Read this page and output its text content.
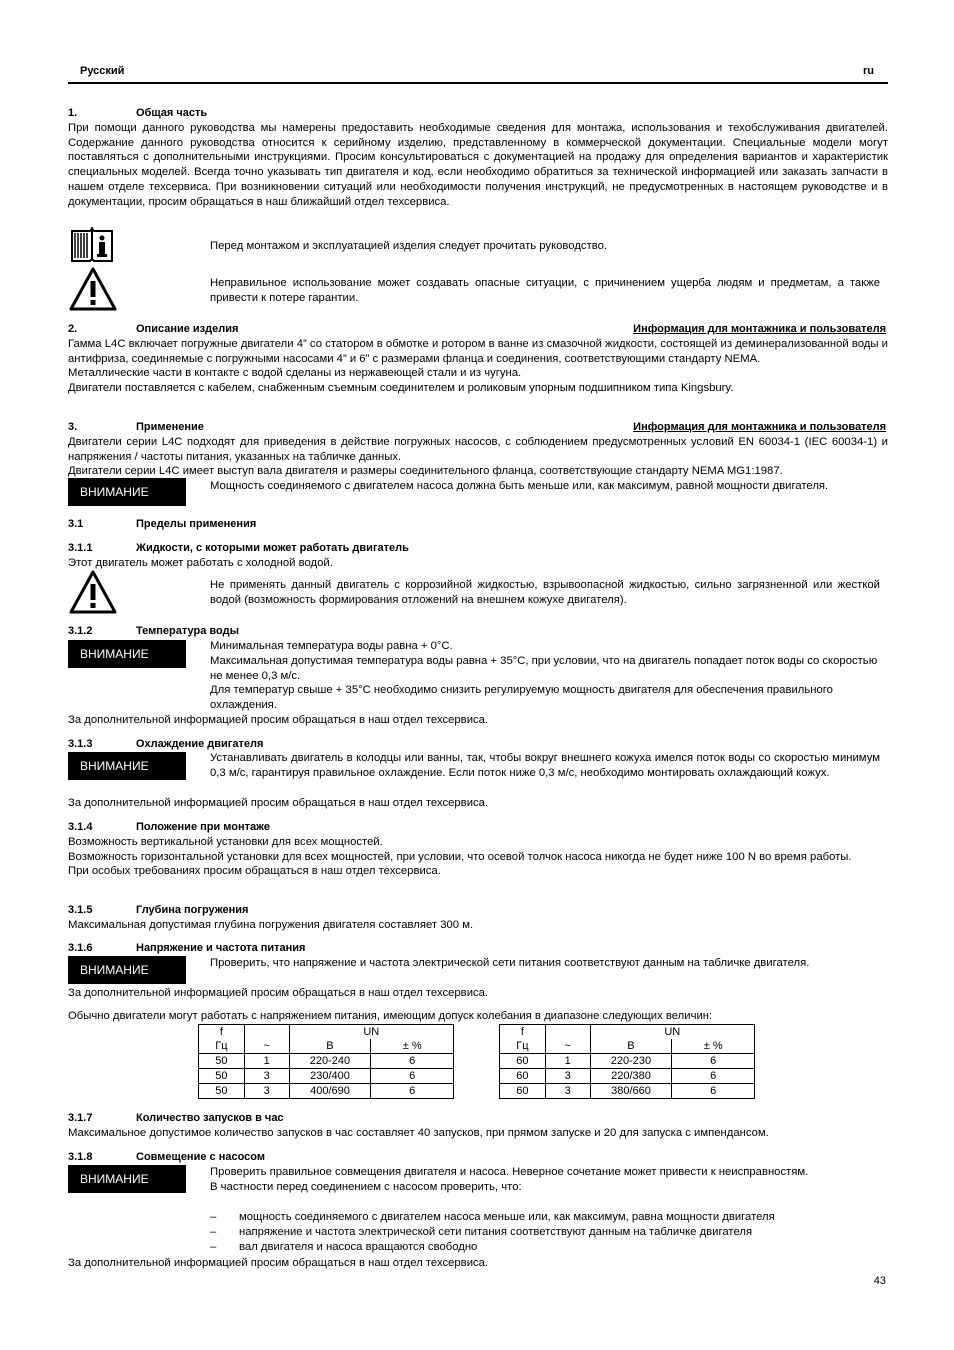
Русский	ru
1.	Общая часть
При помощи данного руководства мы намерены предоставить необходимые сведения для монтажа, использования и техобслуживания двигателей. Содержание данного руководства относится к серийному изделию, представленному в коммерческой документации. Специальные модели могут поставляться с дополнительными инструкциями. Просим консультироваться с документацией на продажу для определения вариантов и характеристик специальных моделей. Всегда точно указывать тип двигателя и код, если необходимо обратиться за технической информацией или заказать запчасти в нашем отделе техсервиса. При возникновении ситуаций или необходимости получения инструкций, не предусмотренных в настоящем руководстве и в документации, просим обращаться в наш ближайший отдел техсервиса.
Перед монтажом и эксплуатацией изделия следует прочитать руководство.
Неправильное использование может создавать опасные ситуации, с причинением ущерба людям и предметам, а также привести к потере гарантии.
2.	Описание изделия	Информация для монтажника и пользователя
Гамма L4C включает погружные двигатели 4” со статором в обмотке и ротором в ванне из смазочной жидкости, состоящей из деминерализованной воды и антифриза, соединяемые с погружными насосами 4” и 6” с размерами фланца и соединения, соответствующими стандарту NEMA.
Металлические части в контакте с водой сделаны из нержавеющей стали и из чугуна.
Двигатели поставляется с кабелем, снабженным съемным соединителем и роликовым упорным подшипником типа Kingsbury.
3.	Применение	Информация для монтажника и пользователя
Двигатели серии L4C подходят для приведения в действие погружных насосов, с соблюдением предусмотренных условий EN 60034-1 (IEC 60034-1) и напряжения / частоты питания, указанных на табличке данных.
Двигатели серии L4C имеет выступ вала двигателя и размеры соединительного фланца, соответствующие стандарту NEMA MG1:1987.
ВНИМАНИЕ	Мощность соединяемого с двигателем насоса должна быть меньше или, как максимум, равной мощности двигателя.
3.1	Пределы применения
3.1.1	Жидкости, с которыми может работать двигатель
Этот двигатель может работать с холодной водой.
Не применять данный двигатель с коррозийной жидкостью, взрывоопасной жидкостью, сильно загрязненной или жесткой водой (возможность формирования отложений на внешнем кожухе двигателя).
3.1.2	Температура воды
ВНИМАНИЕ
Минимальная температура воды равна + 0°C.
Максимальная допустимая температура воды равна + 35°C, при условии, что на двигатель попадает поток воды со скоростью не менее 0,3 м/с.
Для температур свыше + 35°C необходимо снизить регулируемую мощность двигателя для обеспечения правильного охлаждения.
За дополнительной информацией просим обращаться в наш отдел техсервиса.
3.1.3	Охлаждение двигателя
ВНИМАНИЕ
Устанавливать двигатель в колодцы или ванны, так, чтобы вокруг внешнего кожуха имелся поток воды со скоростью минимум 0,3 м/с, гарантируя правильное охлаждение. Если поток ниже 0,3 м/с, необходимо монтировать охлаждающий кожух.
За дополнительной информацией просим обращаться в наш отдел техсервиса.
3.1.4	Положение при монтаже
Возможность вертикальной установки для всех мощностей.
Возможность горизонтальной установки для всех мощностей, при условии, что осевой толчок насоса никогда не будет ниже 100 N во время работы.
При особых требованиях просим обращаться в наш отдел техсервиса.
3.1.5	Глубина погружения
Максимальная допустимая глубина погружения двигателя составляет 300 м.
3.1.6	Напряжение и частота питания
ВНИМАНИЕ	Проверить, что напряжение и частота электрической сети питания соответствуют данным на табличке двигателя.
За дополнительной информацией просим обращаться в наш отдел техсервиса.
Обычно двигатели могут работать с напряжением питания, имеющим допуск колебания в диапазоне следующих величин:
f		UN	
Гц	~	В	± %
50	1	220-240	6
50	3	230/400	6
50	3	400/690	6
f		UN	
Гц	~	В	± %
60	1	220-230	6
60	3	220/380	6
60	3	380/660	6
3.1.7	Количество запусков в час
Максимальное допустимое количество запусков в час составляет 40 запусков, при прямом запуске и 20 для запуска с импендансом.
3.1.8	Совмещение с насосом
ВНИМАНИЕ	Проверить правильное совмещения двигателя и насоса. Неверное сочетание может привести к неисправностям.
В частности перед соединением с насосом проверить, что:
– мощность соединяемого с двигателем насоса меньше или, как максимум, равна мощности двигателя
– напряжение и частота электрической сети питания соответствуют данным на табличке двигателя
– вал двигателя и насоса вращаются свободно
За дополнительной информацией просим обращаться в наш отдел техсервиса.
43
